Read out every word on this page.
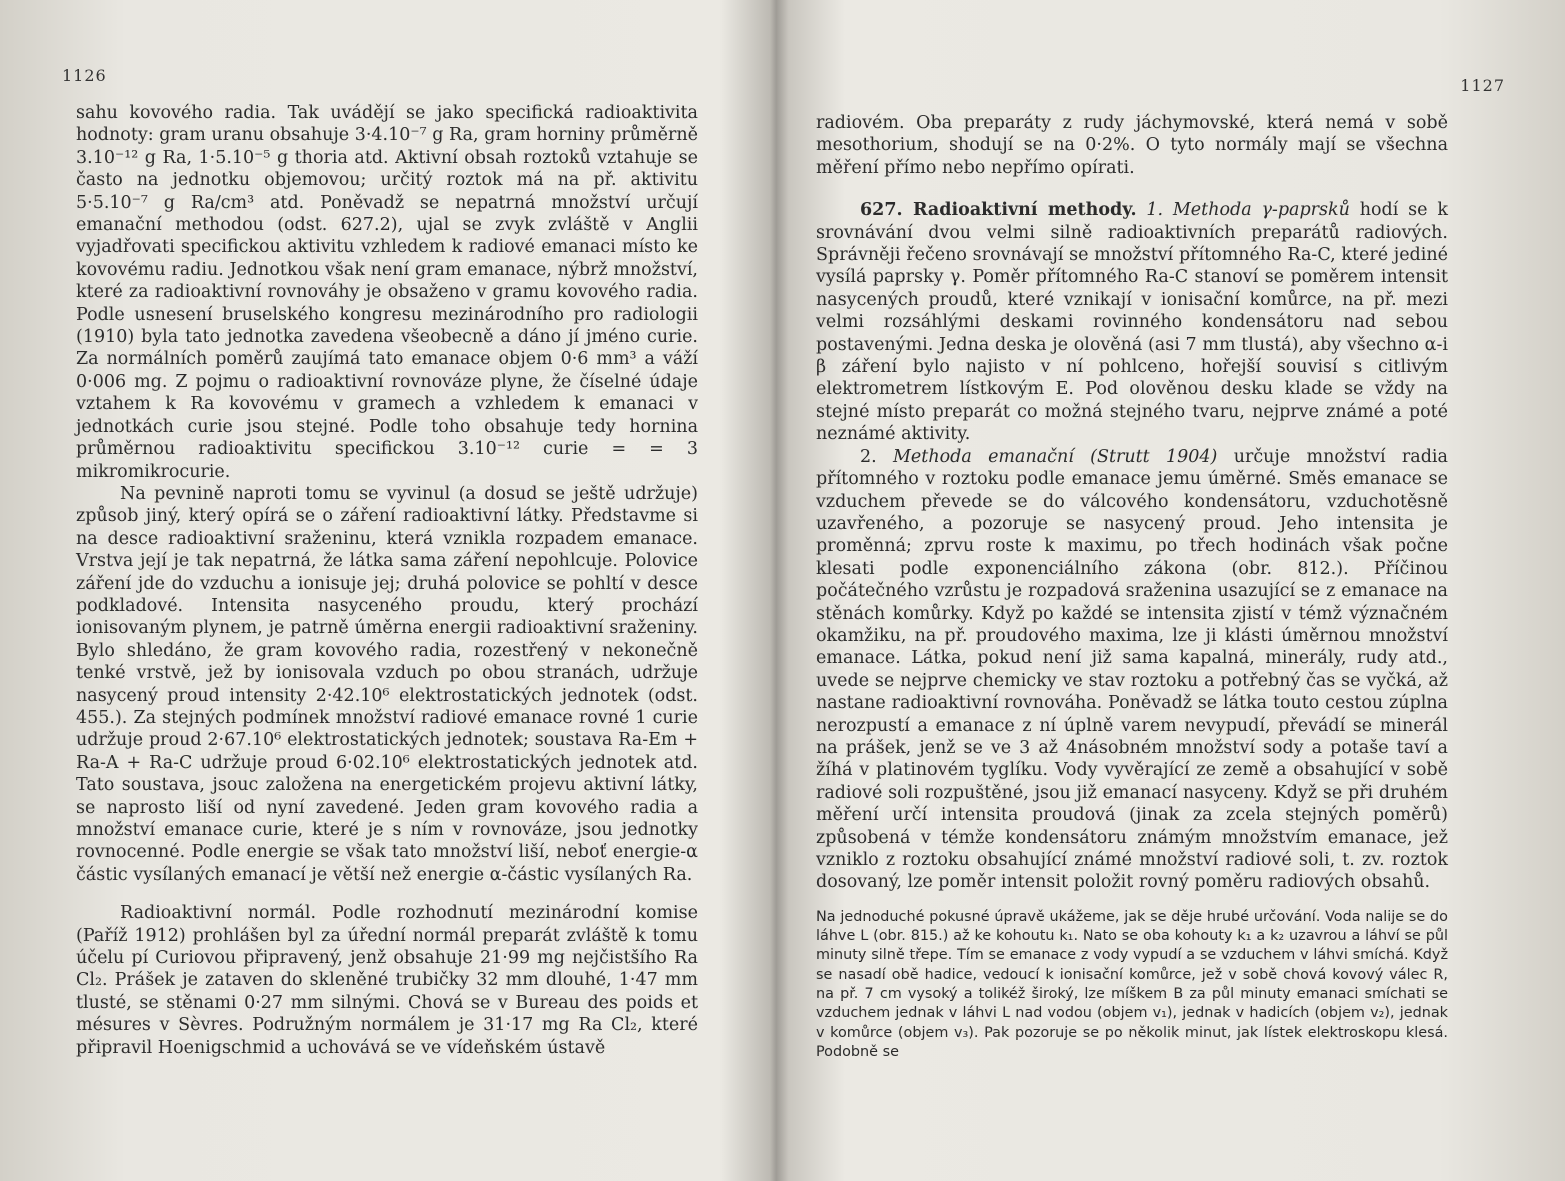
1126

sahu kovového radia. Tak uvádějí se jako specifická radioaktivita hodnoty: gram uranu obsahuje 3·4.10⁻⁷ g Ra, gram horniny průměrně 3.10⁻¹² g Ra, 1·5.10⁻⁵ g thoria atd. Aktivní obsah roztoků vztahuje se často na jednotku objemovou; určitý roztok má na př. aktivitu 5·5.10⁻⁷ g Ra/cm³ atd. Poněvadž se nepatrná množství určují emanační methodou (odst. 627.2), ujal se zvyk zvláště v Anglii vyjadřovati specifickou aktivitu vzhledem k radiové emanaci místo ke kovovému radiu. Jednotkou však není gram emanace, nýbrž množství, které za radioaktivní rovnováhy je obsaženo v gramu kovového radia. Podle usnesení bruselského kongresu mezinárodního pro radiologii (1910) byla tato jednotka zavedena všeobecně a dáno jí jméno curie. Za normálních poměrů zaujímá tato emanace objem 0·6 mm³ a váží 0·006 mg. Z pojmu o radioaktivní rovnováze plyne, že číselné údaje vztahem k Ra kovovému v gramech a vzhledem k emanaci v jednotkách curie jsou stejné. Podle toho obsahuje tedy hornina průměrnou radioaktivitu specifickou 3.10⁻¹² curie = = 3 mikromikrocurie.

Na pevnině naproti tomu se vyvinul (a dosud se ještě udržuje) způsob jiný, který opírá se o záření radioaktivní látky. Představme si na desce radioaktivní sraženinu, která vznikla rozpadem emanace. Vrstva její je tak nepatrná, že látka sama záření nepohlcuje. Polovice záření jde do vzduchu a ionisuje jej; druhá polovice se pohltí v desce podkladové. Intensita nasyceného proudu, který prochází ionisovaným plynem, je patrně úměrna energii radioaktivní sraženiny. Bylo shledáno, že gram kovového radia, rozestřený v nekonečně tenké vrstvě, jež by ionisovala vzduch po obou stranách, udržuje nasycený proud intensity 2·42.10⁶ elektrostatických jednotek (odst. 455.). Za stejných podmínek množství radiové emanace rovné 1 curie udržuje proud 2·67.10⁶ elektrostatických jednotek; soustava Ra-Em + Ra-A + Ra-C udržuje proud 6·02.10⁶ elektrostatických jednotek atd. Tato soustava, jsouc založena na energetickém projevu aktivní látky, se naprosto liší od nyní zavedené. Jeden gram kovového radia a množství emanace curie, které je s ním v rovnováze, jsou jednotky rovnocenné. Podle energie se však tato množství liší, neboť energie-α částic vysílaných emanací je větší než energie α-částic vysílaných Ra.

Radioaktivní normál. Podle rozhodnutí mezinárodní komise (Paříž 1912) prohlášen byl za úřední normál preparát zvláště k tomu účelu pí Curiovou připravený, jenž obsahuje 21·99 mg nejčistšího Ra Cl₂. Prášek je zataven do skleněné trubičky 32 mm dlouhé, 1·47 mm tlusté, se stěnami 0·27 mm silnými. Chová se v Bureau des poids et mésures v Sèvres. Podružným normálem je 31·17 mg Ra Cl₂, které připravil Hoenigschmid a uchovává se ve vídeňském ústavě

1127

radiovém. Oba preparáty z rudy jáchymovské, která nemá v sobě mesothorium, shodují se na 0·2%. O tyto normály mají se všechna měření přímo nebo nepřímo opírati.

627. Radioaktivní methody. 1. Methoda γ-paprsků hodí se k srovnávání dvou velmi silně radioaktivních preparátů radiových. Správněji řečeno srovnávají se množství přítomného Ra-C, které jediné vysílá paprsky γ. Poměr přítomného Ra-C stanoví se poměrem intensit nasycených proudů, které vznikají v ionisační komůrce, na př. mezi velmi rozsáhlými deskami rovinného kondensátoru nad sebou postavenými. Jedna deska je olověná (asi 7 mm tlustá), aby všechno α-i β záření bylo najisto v ní pohlceno, hořejší souvisí s citlivým elektrometrem lístkovým E. Pod olověnou desku klade se vždy na stejné místo preparát co možná stejného tvaru, nejprve známé a poté neznámé aktivity.

2. Methoda emanační (Strutt 1904) určuje množství radia přítomného v roztoku podle emanace jemu úměrné. Směs emanace se vzduchem převede se do válcového kondensátoru, vzduchotěsně uzavřeného, a pozoruje se nasycený proud. Jeho intensita je proměnná; zprvu roste k maximu, po třech hodinách však počne klesati podle exponenciálního zákona (obr. 812.). Příčinou počátečného vzrůstu je rozpadová sraženina usazující se z emanace na stěnách komůrky. Když po každé se intensita zjistí v témž význačném okamžiku, na př. proudového maxima, lze ji klásti úměrnou množství emanace. Látka, pokud není již sama kapalná, minerály, rudy atd., uvede se nejprve chemicky ve stav roztoku a potřebný čas se vyčká, až nastane radioaktivní rovnováha. Poněvadž se látka touto cestou zúplna nerozpustí a emanace z ní úplně varem nevypudí, převádí se minerál na prášek, jenž se ve 3 až 4násobném množství sody a potaše taví a žíhá v platinovém tyglíku. Vody vyvěrající ze země a obsahující v sobě radiové soli rozpuštěné, jsou již emanací nasyceny. Když se při druhém měření určí intensita proudová (jinak za zcela stejných poměrů) způsobená v témže kondensátoru známým množstvím emanace, jež vzniklo z roztoku obsahující známé množství radiové soli, t. zv. roztok dosovaný, lze poměr intensit položit rovný poměru radiových obsahů.

Na jednoduché pokusné úpravě ukážeme, jak se děje hrubé určování. Voda nalije se do láhve L (obr. 815.) až ke kohoutu k₁. Nato se oba kohouty k₁ a k₂ uzavrou a láhví se půl minuty silně třepe. Tím se emanace z vody vypudí a se vzduchem v láhvi smíchá. Když se nasadí obě hadice, vedoucí k ionisační komůrce, jež v sobě chová kovový válec R, na př. 7 cm vysoký a tolikéž široký, lze míškem B za půl minuty emanaci smíchati se vzduchem jednak v láhvi L nad vodou (objem v₁), jednak v hadicích (objem v₂), jednak v komůrce (objem v₃). Pak pozoruje se po několik minut, jak lístek elektroskopu klesá. Podobně se
